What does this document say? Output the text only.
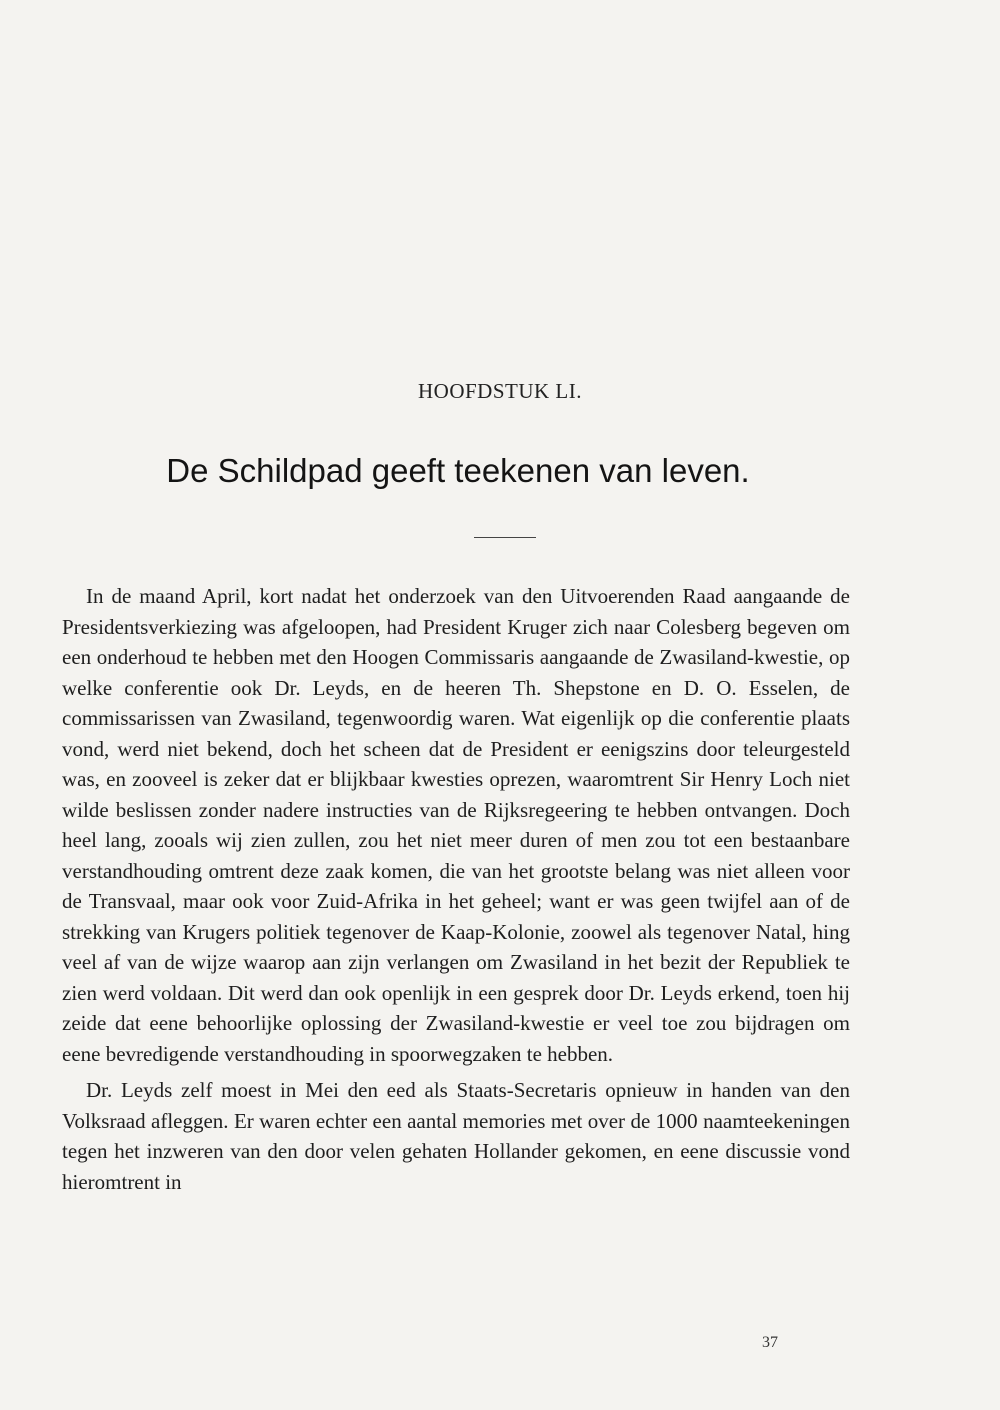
HOOFDSTUK LI.
De Schildpad geeft teekenen van leven.

In de maand April, kort nadat het onderzoek van den Uitvoerenden Raad aangaande de Presidentsverkiezing was afgeloopen, had President Kruger zich naar Colesberg begeven om een onderhoud te hebben met den Hoogen Commissaris aangaande de Zwasiland-kwestie, op welke conferentie ook Dr. Leyds, en de heeren Th. Shepstone en D. O. Esselen, de commissarissen van Zwasiland, tegenwoordig waren. Wat eigenlijk op die conferentie plaats vond, werd niet bekend, doch het scheen dat de President er eenigszins door teleurgesteld was, en zooveel is zeker dat er blijkbaar kwesties oprezen, waaromtrent Sir Henry Loch niet wilde beslissen zonder nadere instructies van de Rijksregeering te hebben ontvangen. Doch heel lang, zooals wij zien zullen, zou het niet meer duren of men zou tot een bestaanbare verstandhouding omtrent deze zaak komen, die van het grootste belang was niet alleen voor de Transvaal, maar ook voor Zuid-Afrika in het geheel; want er was geen twijfel aan of de strekking van Krugers politiek tegenover de Kaap-Kolonie, zoowel als tegenover Natal, hing veel af van de wijze waarop aan zijn verlangen om Zwasiland in het bezit der Republiek te zien werd voldaan. Dit werd dan ook openlijk in een gesprek door Dr. Leyds erkend, toen hij zeide dat eene behoorlijke oplossing der Zwasiland-kwestie er veel toe zou bijdragen om eene bevredigende verstandhouding in spoorwegzaken te hebben.

Dr. Leyds zelf moest in Mei den eed als Staats-Secretaris opnieuw in handen van den Volksraad afleggen. Er waren echter een aantal memories met over de 1000 naamteekeningen tegen het inzweren van den door velen gehaten Hollander gekomen, en eene discussie vond hieromtrent in

37
